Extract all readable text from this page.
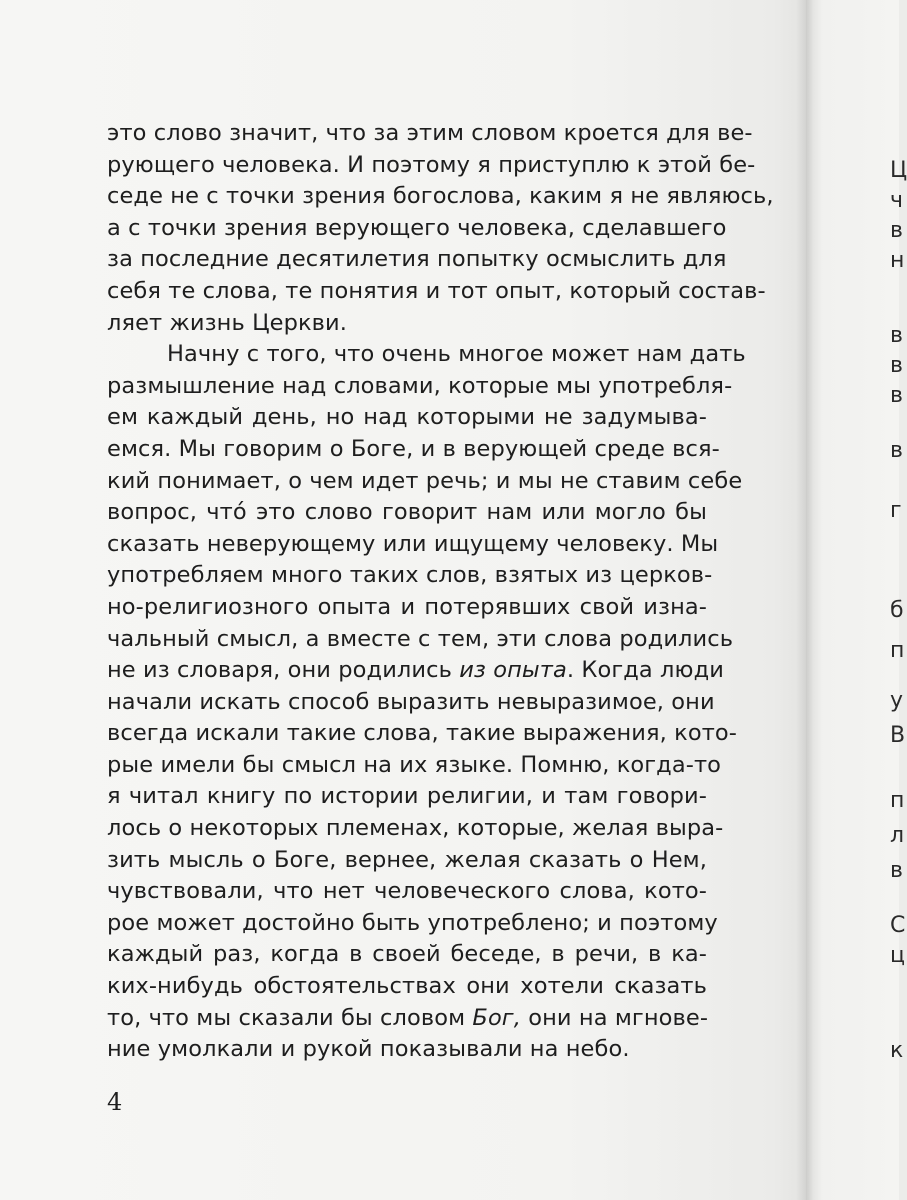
это слово значит, что за этим словом кроется для ве-
рующего человека. И поэтому я приступлю к этой бе-
седе не с точки зрения богослова, каким я не являюсь,
а с точки зрения верующего человека, сделавшего
за последние десятилетия попытку осмыслить для
себя те слова, те понятия и тот опыт, который состав-
ляет жизнь Церкви.
Начну с того, что очень многое может нам дать
размышление над словами, которые мы употребля-
ем каждый день, но над которыми не задумыва-
емся. Мы говорим о Боге, и в верующей среде вся-
кий понимает, о чем идет речь; и мы не ставим себе
вопрос, чтó это слово говорит нам или могло бы
сказать неверующему или ищущему человеку. Мы
употребляем много таких слов, взятых из церков-
но-религиозного опыта и потерявших свой изна-
чальный смысл, а вместе с тем, эти слова родились
не из словаря, они родились из опыта. Когда люди
начали искать способ выразить невыразимое, они
всегда искали такие слова, такие выражения, кото-
рые имели бы смысл на их языке. Помню, когда-то
я читал книгу по истории религии, и там говори-
лось о некоторых племенах, которые, желая выра-
зить мысль о Боге, вернее, желая сказать о Нем,
чувствовали, что нет человеческого слова, кото-
рое может достойно быть употреблено; и поэтому
каждый раз, когда в своей беседе, в речи, в ка-
ких-нибудь обстоятельствах они хотели сказать
то, что мы сказали бы словом Бог, они на мгнове-
ние умолкали и рукой показывали на небо.
4
Ц
ч
в
н
в
в
в
в
г
б
п
у
В
п
л
в
С
ц
к
